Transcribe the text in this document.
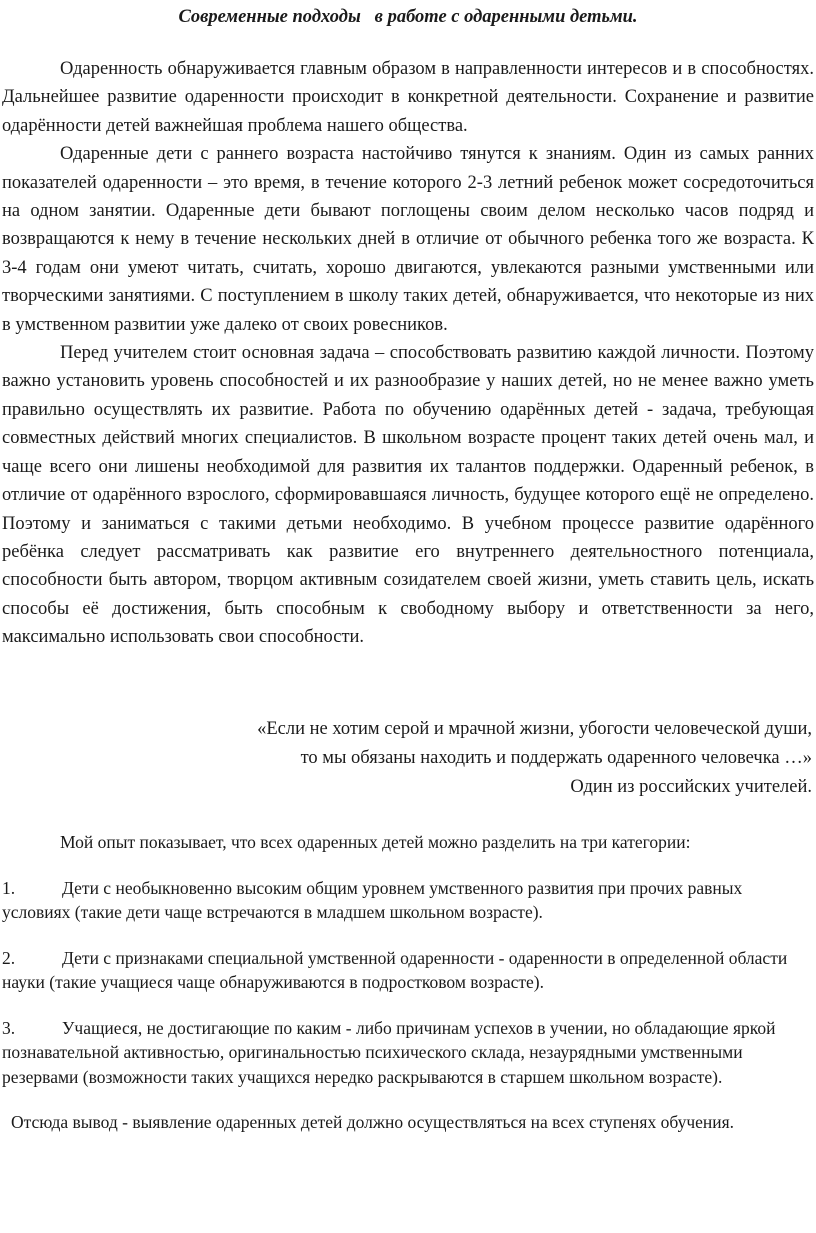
Современные подходы   в работе с одаренными детьми.

Одаренность обнаруживается главным образом в направленности интересов и в способностях. Дальнейшее развитие одаренности происходит в конкретной деятельности. Сохранение и развитие одарённости детей важнейшая проблема нашего общества.

Одаренные дети с раннего возраста настойчиво тянутся к знаниям. Один из самых ранних показателей одаренности – это время, в течение которого 2-3 летний ребенок может сосредоточиться на одном занятии. Одаренные дети бывают поглощены своим делом несколько часов подряд и возвращаются к нему в течение нескольких дней в отличие от обычного ребенка того же возраста. К 3-4 годам они умеют читать, считать, хорошо двигаются, увлекаются разными умственными или творческими занятиями. С поступлением в школу таких детей, обнаруживается, что некоторые из них в умственном развитии уже далеко от своих ровесников.

Перед учителем стоит основная задача – способствовать развитию каждой личности. Поэтому важно установить уровень способностей и их разнообразие у наших детей, но не менее важно уметь правильно осуществлять их развитие. Работа по обучению одарённых детей - задача, требующая совместных действий многих специалистов. В школьном возрасте процент таких детей очень мал, и чаще всего они лишены необходимой для развития их талантов поддержки. Одаренный ребенок, в отличие от одарённого взрослого, сформировавшаяся личность, будущее которого ещё не определено. Поэтому и заниматься с такими детьми необходимо. В учебном процессе развитие одарённого ребёнка следует рассматривать как развитие его внутреннего деятельностного потенциала, способности быть автором, творцом активным созидателем своей жизни, уметь ставить цель, искать способы её достижения, быть способным к свободному выбору и ответственности за него, максимально использовать свои способности.

«Если не хотим серой и мрачной жизни, убогости человеческой души,
то мы обязаны находить и поддержать одаренного человечка …»
Один из российских учителей.

Мой опыт показывает, что всех одаренных детей можно разделить на три категории:

1.	Дети с необыкновенно высоким общим уровнем умственного развития при прочих равных условиях (такие дети чаще встречаются в младшем школьном возрасте).

2.	Дети с признаками специальной умственной одаренности - одаренности в определенной области науки (такие учащиеся чаще обнаруживаются в подростковом возрасте).

3.	Учащиеся, не достигающие по каким - либо причинам успехов в учении, но обладающие яркой познавательной активностью, оригинальностью психического склада, незаурядными умственными резервами (возможности таких учащихся нередко раскрываются в старшем школьном возрасте).

Отсюда вывод - выявление одаренных детей должно осуществляться на всех ступенях обучения.
